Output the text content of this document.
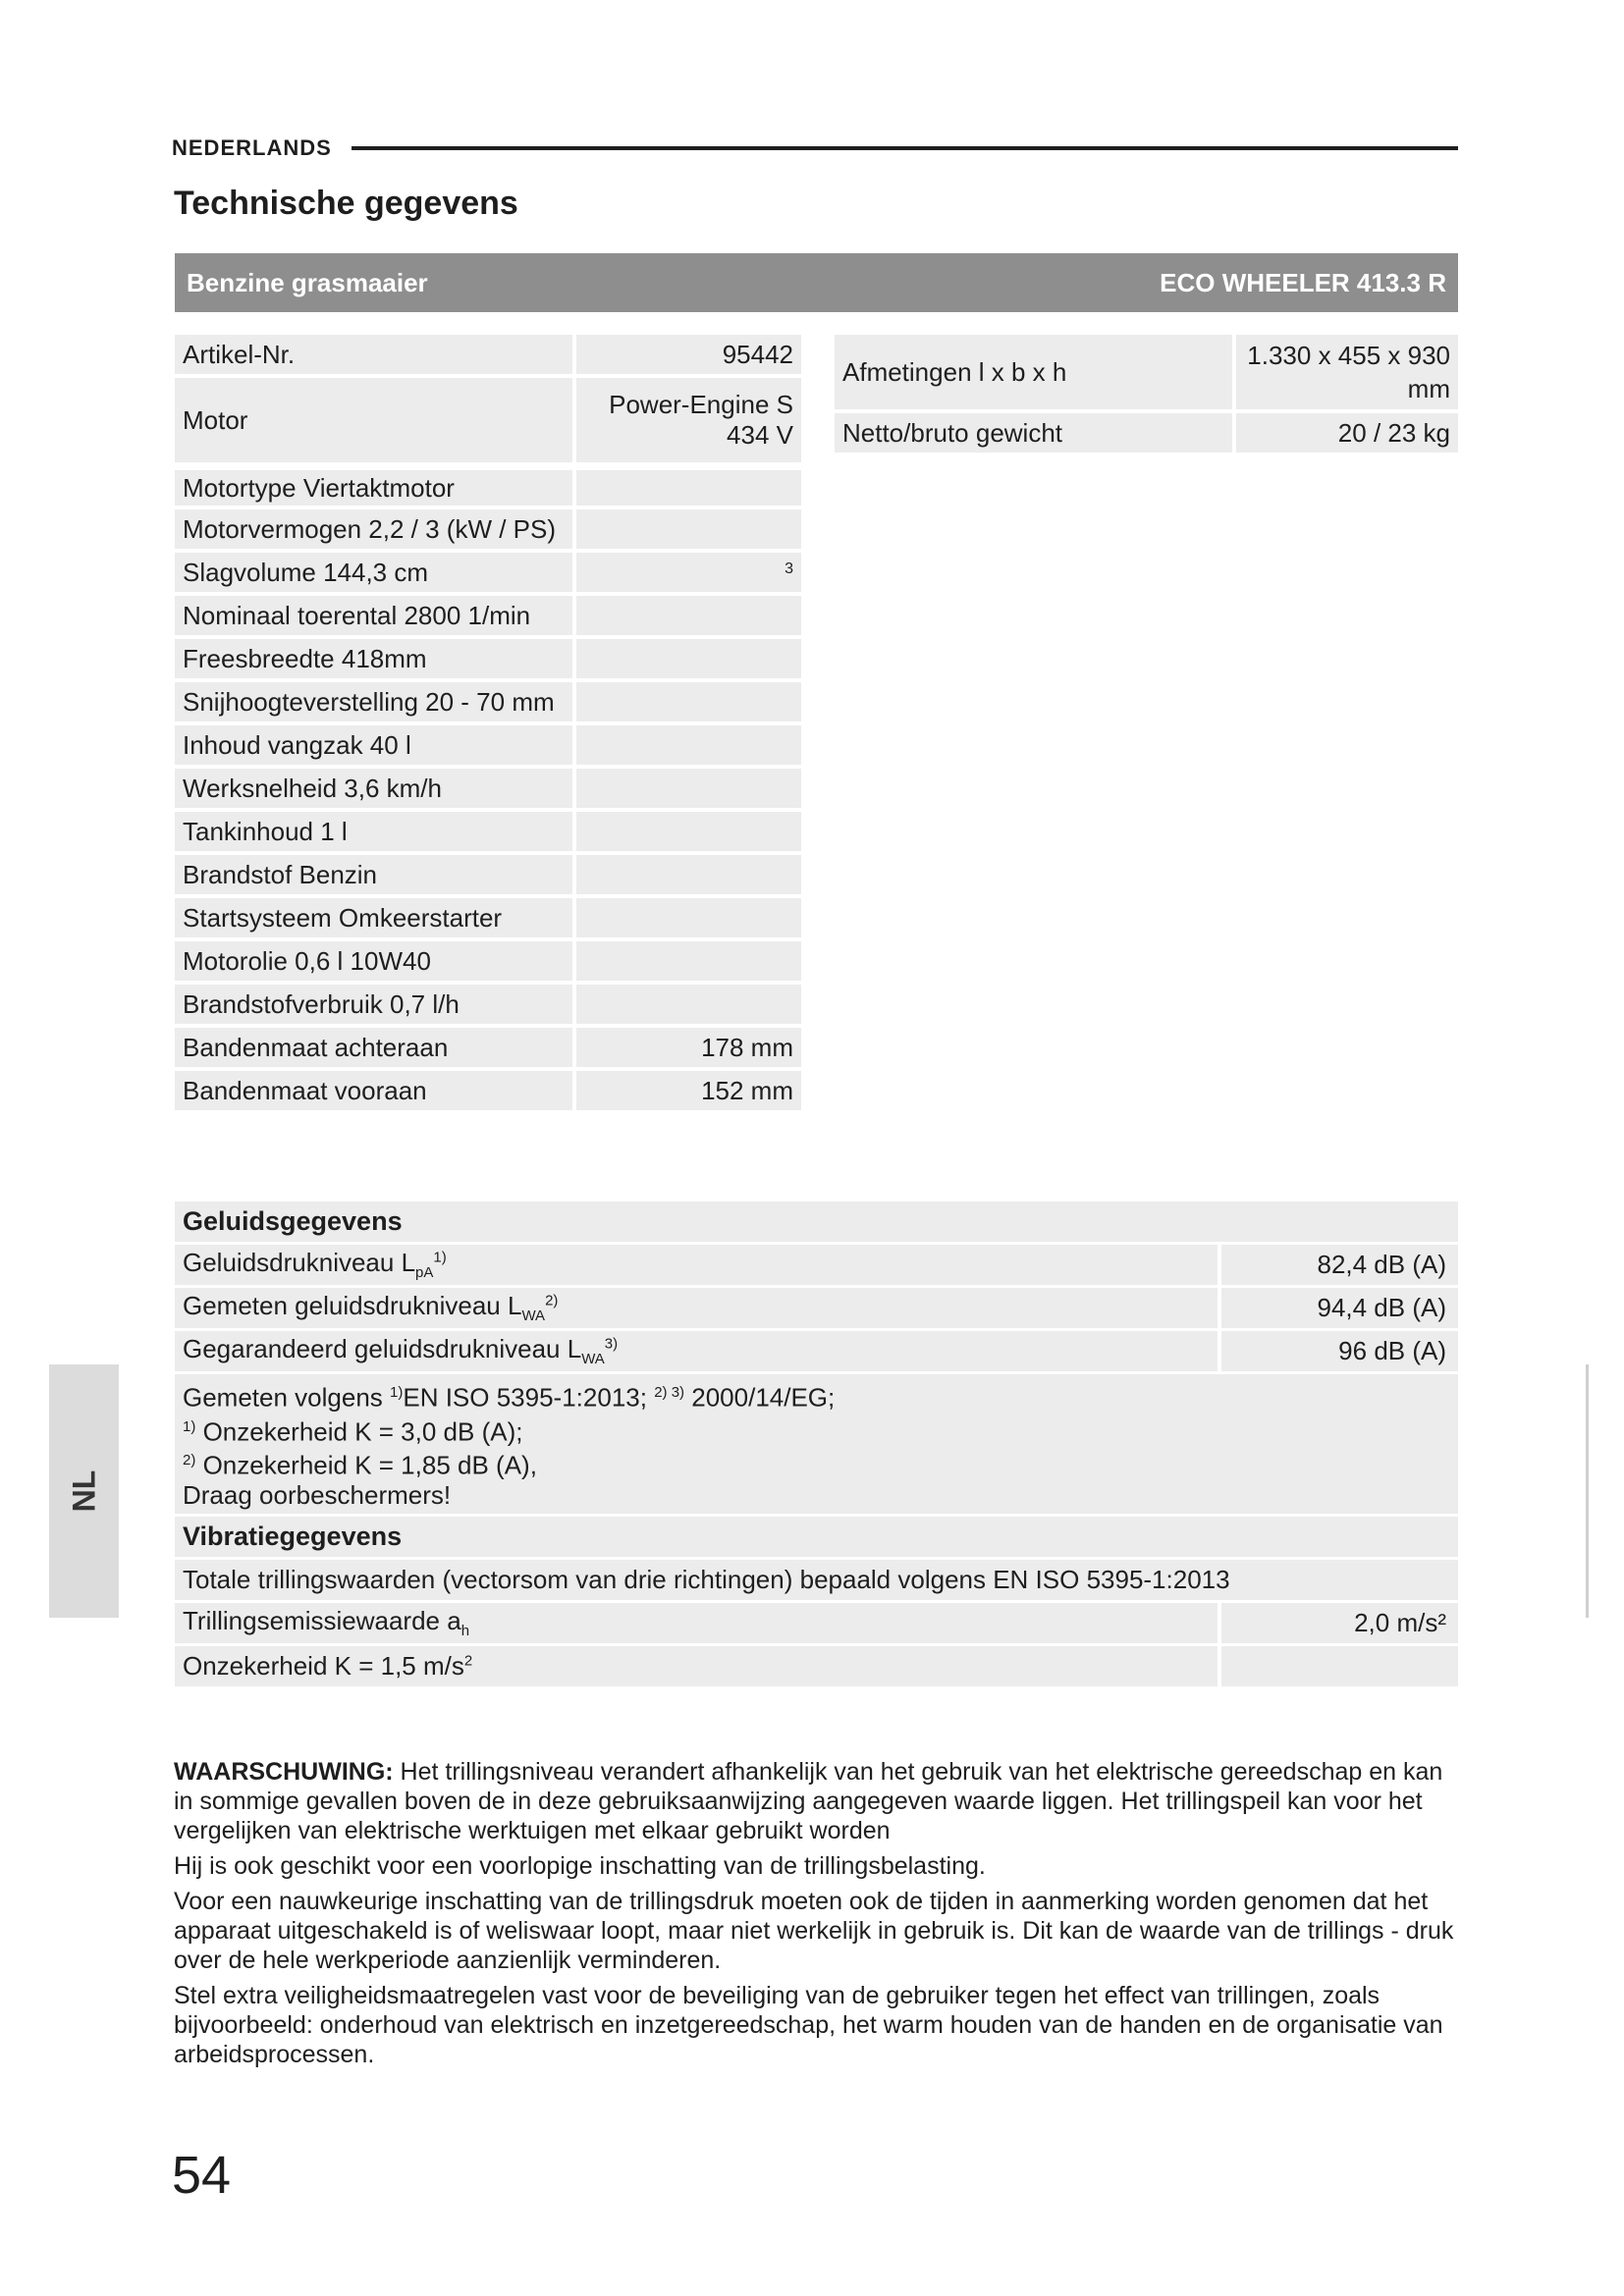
NEDERLANDS
Technische gegevens
Benzine grasmaaier	ECO WHEELER 413.3 R
Artikel-Nr.	95442
Motor	Power-Engine S 434 V
Motortype Viertaktmotor	
Motorvermogen 2,2 / 3 (kW / PS)	
Slagvolume 144,3 cm	3
Nominaal toerental 2800 1/min	
Freesbreedte 418mm	
Snijhoogteverstelling 20 - 70 mm	
Inhoud vangzak 40 l	
Werksnelheid 3,6 km/h	
Tankinhoud 1 l	
Brandstof Benzin	
Startsysteem Omkeerstarter	
Motorolie 0,6 l 10W40	
Brandstofverbruik 0,7 l/h	
Bandenmaat achteraan	178 mm
Bandenmaat vooraan	152 mm
Afmetingen l x b x h	1.330 x 455 x 930 mm
Netto/bruto gewicht	20 / 23 kg
Geluidsgegevens	
Geluidsdrukniveau $L_{pA}^{1)}$	82,4 dB (A)
Gemeten geluidsdrukniveau $L_{WA}^{2)}$	94,4 dB (A)
Gegarandeerd geluidsdrukniveau $L_{WA}^{3)}$	96 dB (A)

Gemeten volgens $^{1)}$EN ISO 5395-1:2013; $^{2) 3)}$ 2000/14/EG;
$^{1)}$ Onzekerheid K = 3,0 dB (A);
$^{2)}$ Onzekerheid K = 1,85 dB (A),
Draag oorbeschermers!	

Vibratiegegevens	
Totale trillingswaarden (vectorsom van drie richtingen) bepaald volgens EN ISO 5395-1:2013	
Trillingsemissiewaarde $a_h$	2,0 m/s²
Onzekerheid K = 1,5 $m/s^2$	
NL

WAARSCHUWING: Het trillingsniveau verandert afhankelijk van het gebruik van het elektrische gereedschap en kan in sommige gevallen boven de in deze gebruiksaanwijzing aangegeven waarde liggen. Het trillingspeil kan voor het vergelijken van elektrische werktuigen met elkaar gebruikt worden

Hij is ook geschikt voor een voorlopige inschatting van de trillingsbelasting.

Voor een nauwkeurige inschatting van de trillingsdruk moeten ook de tijden in aanmerking worden genomen dat het apparaat uitgeschakeld is of weliswaar loopt, maar niet werkelijk in gebruik is. Dit kan de waarde van de trillings - druk over de hele werkperiode aanzienlijk verminderen.

Stel extra veiligheidsmaatregelen vast voor de beveiliging van de gebruiker tegen het effect van trillingen, zoals bijvoorbeeld: onderhoud van elektrisch en inzetgereedschap, het warm houden van de handen en de organisatie van arbeidsprocessen.

54
